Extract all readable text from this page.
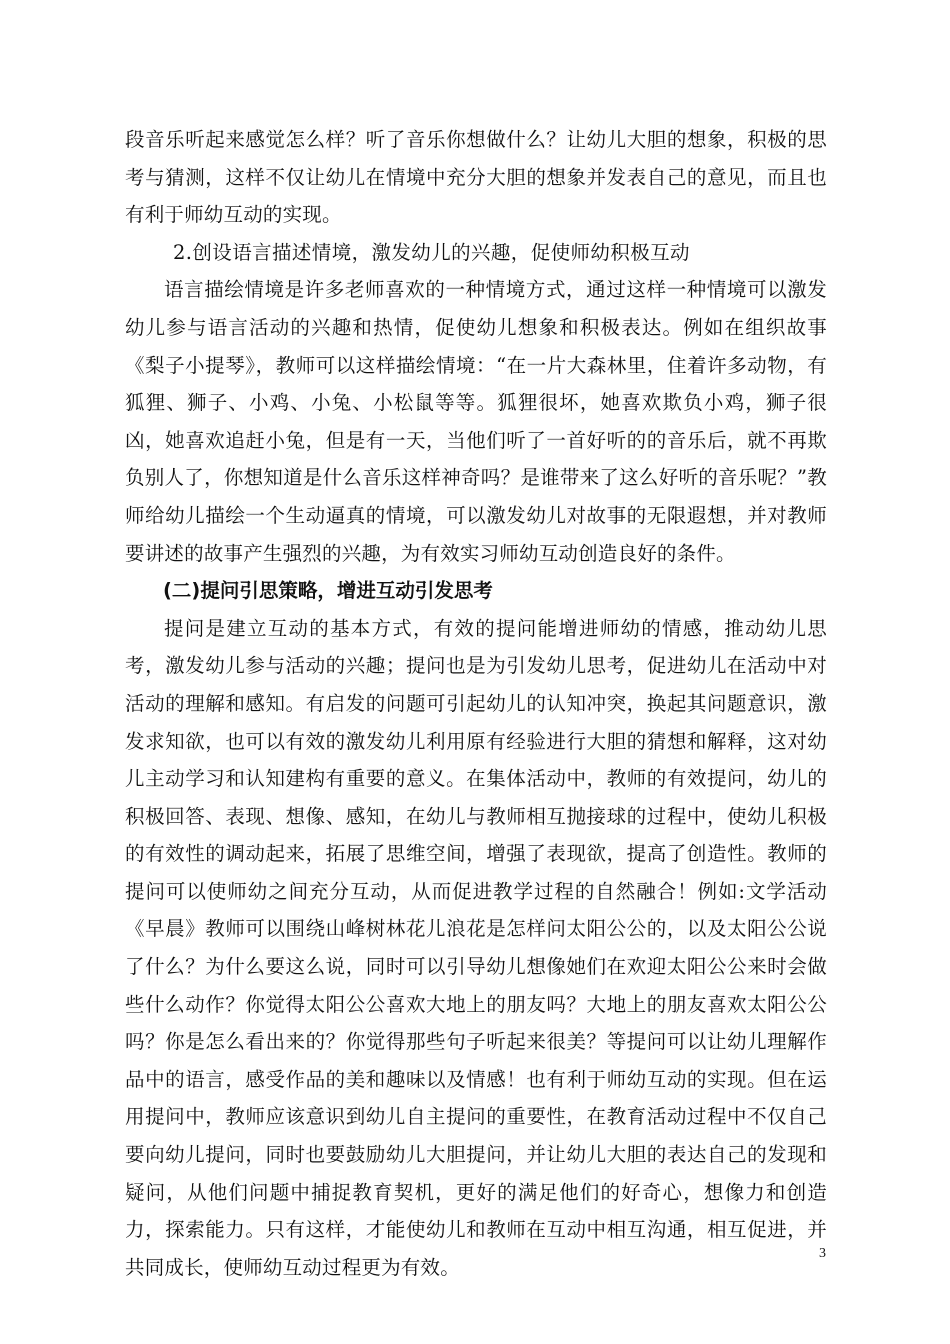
段音乐听起来感觉怎么样？听了音乐你想做什么？让幼儿大胆的想象，积极的思考与猜测，这样不仅让幼儿在情境中充分大胆的想象并发表自己的意见，而且也有利于师幼互动的实现。

2.创设语言描述情境，激发幼儿的兴趣，促使师幼积极互动

语言描绘情境是许多老师喜欢的一种情境方式，通过这样一种情境可以激发幼儿参与语言活动的兴趣和热情，促使幼儿想象和积极表达。例如在组织故事《梨子小提琴》，教师可以这样描绘情境：“在一片大森林里，住着许多动物，有狐狸、狮子、小鸡、小兔、小松鼠等等。狐狸很坏，她喜欢欺负小鸡，狮子很凶，她喜欢追赶小兔，但是有一天，当他们听了一首好听的的音乐后，就不再欺负别人了，你想知道是什么音乐这样神奇吗？是谁带来了这么好听的音乐呢？”教师给幼儿描绘一个生动逼真的情境，可以激发幼儿对故事的无限遐想，并对教师要讲述的故事产生强烈的兴趣，为有效实习师幼互动创造良好的条件。

(二)提问引思策略，增进互动引发思考

提问是建立互动的基本方式，有效的提问能增进师幼的情感，推动幼儿思考，激发幼儿参与活动的兴趣；提问也是为引发幼儿思考，促进幼儿在活动中对活动的理解和感知。有启发的问题可引起幼儿的认知冲突，换起其问题意识，激发求知欲，也可以有效的激发幼儿利用原有经验进行大胆的猜想和解释，这对幼儿主动学习和认知建构有重要的意义。在集体活动中，教师的有效提问，幼儿的积极回答、表现、想像、感知，在幼儿与教师相互抛接球的过程中，使幼儿积极的有效性的调动起来，拓展了思维空间，增强了表现欲，提高了创造性。教师的提问可以使师幼之间充分互动，从而促进教学过程的自然融合！例如:文学活动《早晨》教师可以围绕山峰树林花儿浪花是怎样问太阳公公的，以及太阳公公说了什么？为什么要这么说，同时可以引导幼儿想像她们在欢迎太阳公公来时会做些什么动作？你觉得太阳公公喜欢大地上的朋友吗？大地上的朋友喜欢太阳公公吗？你是怎么看出来的？你觉得那些句子听起来很美？等提问可以让幼儿理解作品中的语言，感受作品的美和趣味以及情感！也有利于师幼互动的实现。但在运用提问中，教师应该意识到幼儿自主提问的重要性，在教育活动过程中不仅自己要向幼儿提问，同时也要鼓励幼儿大胆提问，并让幼儿大胆的表达自己的发现和疑问，从他们问题中捕捉教育契机，更好的满足他们的好奇心，想像力和创造力，探索能力。只有这样，才能使幼儿和教师在互动中相互沟通，相互促进，并共同成长，使师幼互动过程更为有效。

3
